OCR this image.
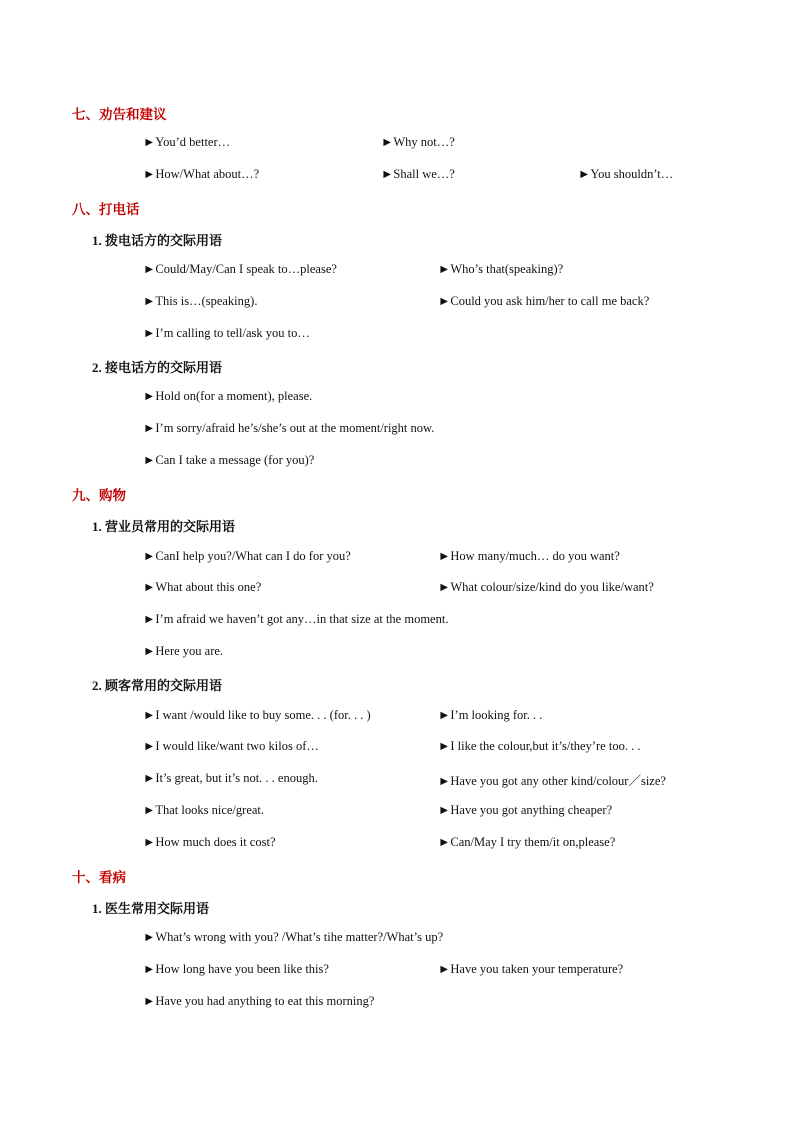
七、劝告和建议
►You’d better…	►Why not…?
►How/What about…?	►Shall we…?	►You shouldn’t…
八、打电话
1. 拨电话方的交际用语
►Could/May/Can I speak to…please?	►Who’s that(speaking)?
►This is…(speaking).	►Could you ask him/her to call me back?
►I’m calling to tell/ask you to…
2. 接电话方的交际用语
►Hold on(for a moment), please.
►I’m sorry/afraid he’s/she’s out at the moment/right now.
►Can I take a message (for you)?
九、购物
1. 营业员常用的交际用语
►CanI help you?/What can I do for you?	►How many/much… do you want?
►What about this one?	►What colour/size/kind do you like/want?
►I’m afraid we haven’t got any…in that size at the moment.
►Here you are.
2. 顾客常用的交际用语
►I want /would like to buy some. . . (for. . . )	►I’m looking for. . .
►I would like/want two kilos of…	►I like the colour,but it’s/they’re too. . .
►It’s great, but it’s not. . . enough.	►Have you got any other kind/colour／size?
►That looks nice/great.	►Have you got anything cheaper?
►How much does it cost?	►Can/May I try them/it on,please?
十、看病
1. 医生常用交际用语
►What’s wrong with you? /What’s tihe matter?/What’s up?
►How long have you been like this?	►Have you taken your temperature?
►Have you had anything to eat this morning?
